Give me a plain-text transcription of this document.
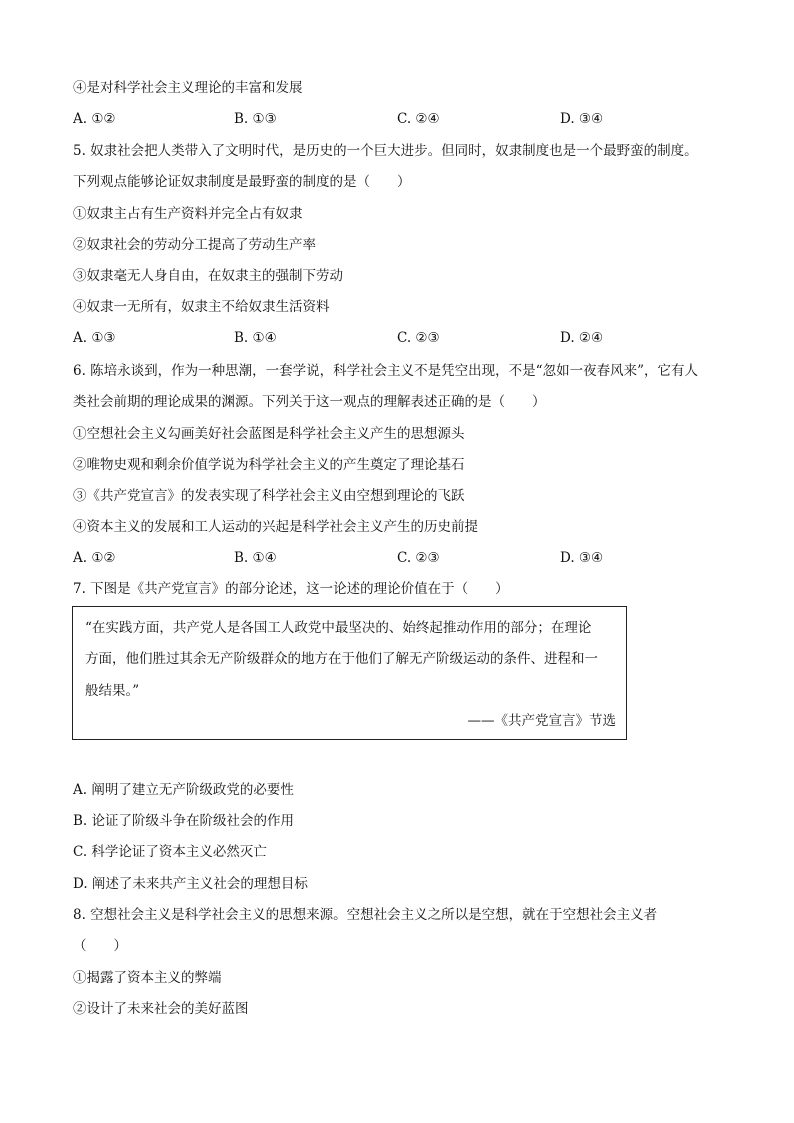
④是对科学社会主义理论的丰富和发展
A. ①②	B. ①③	C. ②④	D. ③④
5. 奴隶社会把人类带入了文明时代，是历史的一个巨大进步。但同时，奴隶制度也是一个最野蛮的制度。
下列观点能够论证奴隶制度是最野蛮的制度的是（　　）
①奴隶主占有生产资料并完全占有奴隶
②奴隶社会的劳动分工提高了劳动生产率
③奴隶毫无人身自由，在奴隶主的强制下劳动
④奴隶一无所有，奴隶主不给奴隶生活资料
A. ①③	B. ①④	C. ②③	D. ②④
6. 陈培永谈到，作为一种思潮，一套学说，科学社会主义不是凭空出现，不是“忽如一夜春风来”，它有人
类社会前期的理论成果的渊源。下列关于这一观点的理解表述正确的是（　　）
①空想社会主义勾画美好社会蓝图是科学社会主义产生的思想源头
②唯物史观和剩余价值学说为科学社会主义的产生奠定了理论基石
③《共产党宣言》的发表实现了科学社会主义由空想到理论的飞跃
④资本主义的发展和工人运动的兴起是科学社会主义产生的历史前提
A. ①②	B. ①④	C. ②③	D. ③④
7. 下图是《共产党宣言》的部分论述，这一论述的理论价值在于（　　）
“在实践方面，共产党人是各国工人政党中最坚决的、始终起推动作用的部分；在理论
方面，他们胜过其余无产阶级群众的地方在于他们了解无产阶级运动的条件、进程和一
般结果。”
——《共产党宣言》节选
A. 阐明了建立无产阶级政党的必要性
B. 论证了阶级斗争在阶级社会的作用
C. 科学论证了资本主义必然灭亡
D. 阐述了未来共产主义社会的理想目标
8. 空想社会主义是科学社会主义的思想来源。空想社会主义之所以是空想，就在于空想社会主义者
（　　）
①揭露了资本主义的弊端
②设计了未来社会的美好蓝图
